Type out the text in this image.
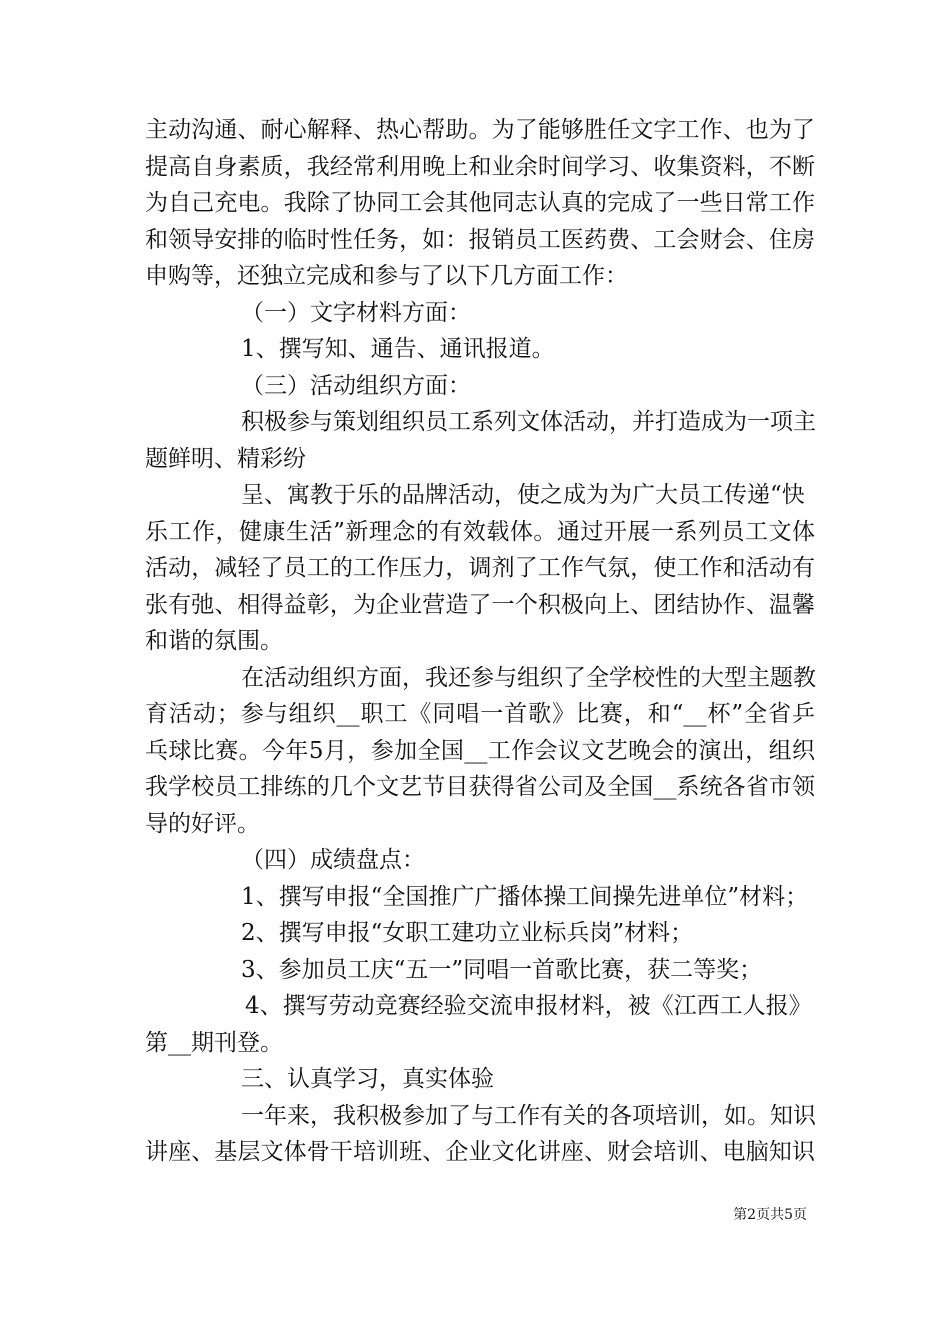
主动沟通、耐心解释、热心帮助。为了能够胜任文字工作、也为了
提高自身素质，我经常利用晚上和业余时间学习、收集资料，不断
为自己充电。我除了协同工会其他同志认真的完成了一些日常工作
和领导安排的临时性任务，如：报销员工医药费、工会财会、住房
申购等，还独立完成和参与了以下几方面工作：
（一）文字材料方面：
1、撰写知、通告、通讯报道。
（三）活动组织方面：
积极参与策划组织员工系列文体活动，并打造成为一项主
题鲜明、精彩纷
呈、寓教于乐的品牌活动，使之成为为广大员工传递“快
乐工作，健康生活”新理念的有效载体。通过开展一系列员工文体
活动，减轻了员工的工作压力，调剂了工作气氛，使工作和活动有
张有弛、相得益彰，为企业营造了一个积极向上、团结协作、温馨
和谐的氛围。
在活动组织方面，我还参与组织了全学校性的大型主题教
育活动；参与组织__职工《同唱一首歌》比赛，和“__杯”全省乒
乓球比赛。今年5月，参加全国__工作会议文艺晚会的演出，组织
我学校员工排练的几个文艺节目获得省公司及全国__系统各省市领
导的好评。
（四）成绩盘点：
1、撰写申报“全国推广广播体操工间操先进单位”材料；
2、撰写申报“女职工建功立业标兵岗”材料；
3、参加员工庆“五一”同唱一首歌比赛，获二等奖；
4、撰写劳动竞赛经验交流申报材料，被《江西工人报》
第__期刊登。
三、认真学习，真实体验
一年来，我积极参加了与工作有关的各项培训，如。知识
讲座、基层文体骨干培训班、企业文化讲座、财会培训、电脑知识
第2页共5页
